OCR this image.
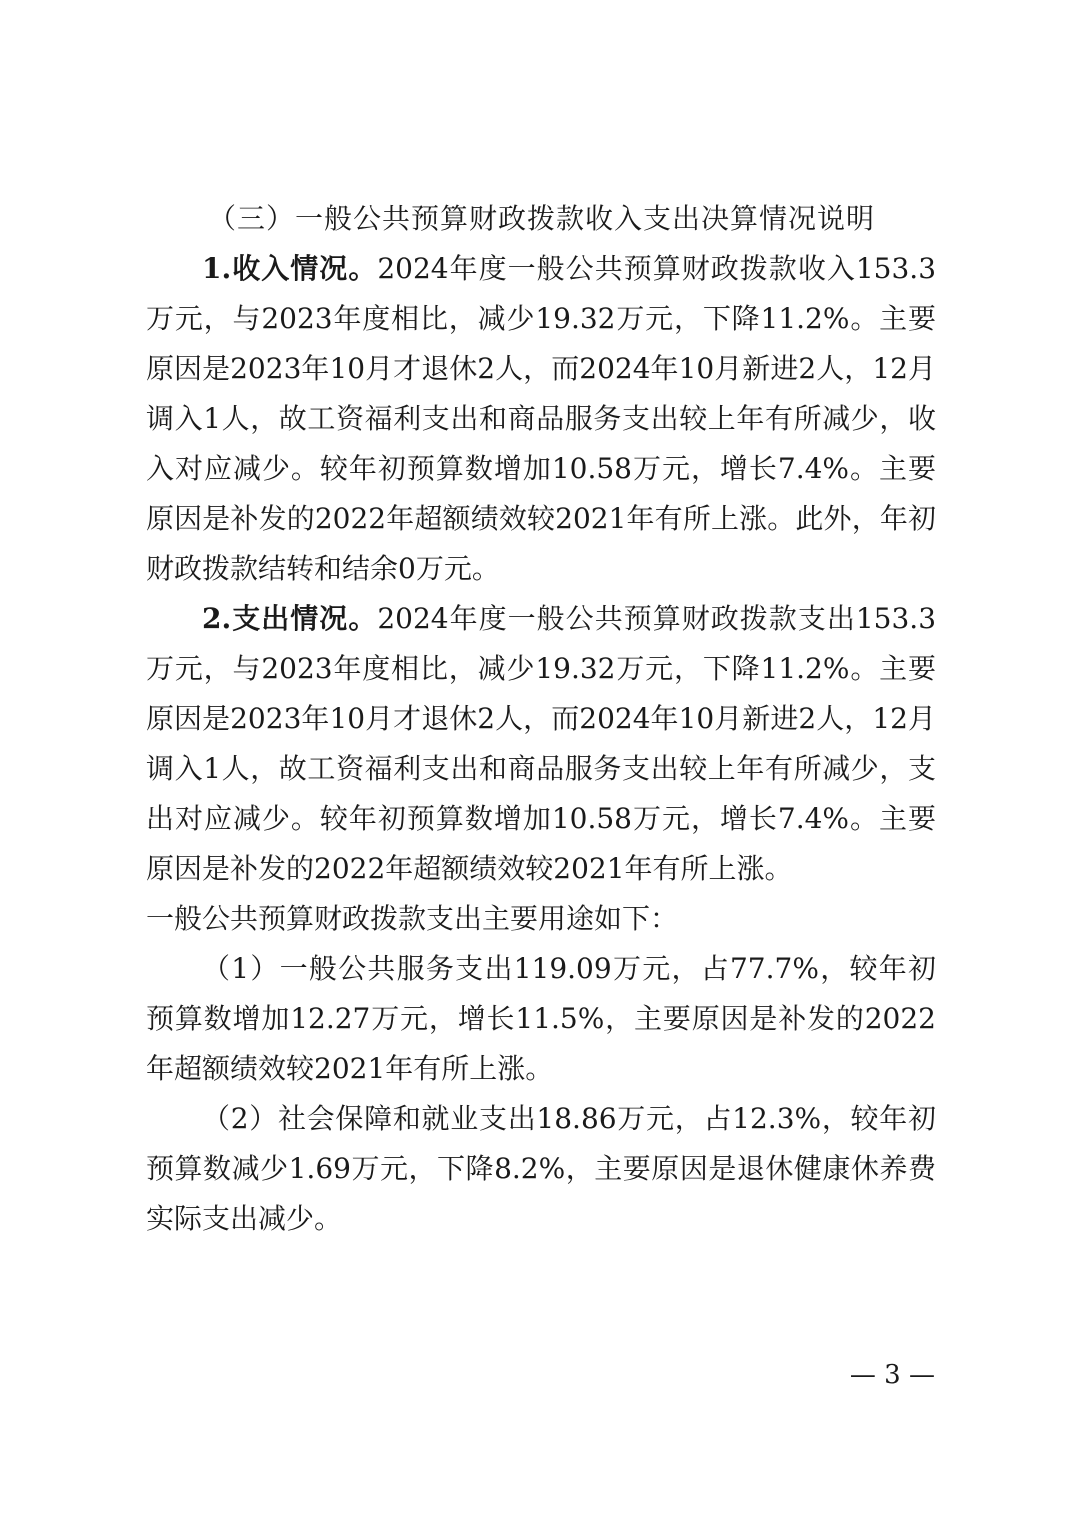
（三）一般公共预算财政拨款收入支出决算情况说明

1.收入情况。2024年度一般公共预算财政拨款收入153.3万元，与2023年度相比，减少19.32万元，下降11.2%。主要原因是2023年10月才退休2人，而2024年10月新进2人，12月调入1人，故工资福利支出和商品服务支出较上年有所减少，收入对应减少。较年初预算数增加10.58万元，增长7.4%。主要原因是补发的2022年超额绩效较2021年有所上涨。此外，年初财政拨款结转和结余0万元。

2.支出情况。2024年度一般公共预算财政拨款支出153.3万元，与2023年度相比，减少19.32万元，下降11.2%。主要原因是2023年10月才退休2人，而2024年10月新进2人，12月调入1人，故工资福利支出和商品服务支出较上年有所减少，支出对应减少。较年初预算数增加10.58万元，增长7.4%。主要原因是补发的2022年超额绩效较2021年有所上涨。

一般公共预算财政拨款支出主要用途如下：

（1）一般公共服务支出119.09万元，占77.7%，较年初预算数增加12.27万元，增长11.5%，主要原因是补发的2022年超额绩效较2021年有所上涨。

（2）社会保障和就业支出18.86万元，占12.3%，较年初预算数减少1.69万元，下降8.2%，主要原因是退休健康休养费实际支出减少。

— 3 —
